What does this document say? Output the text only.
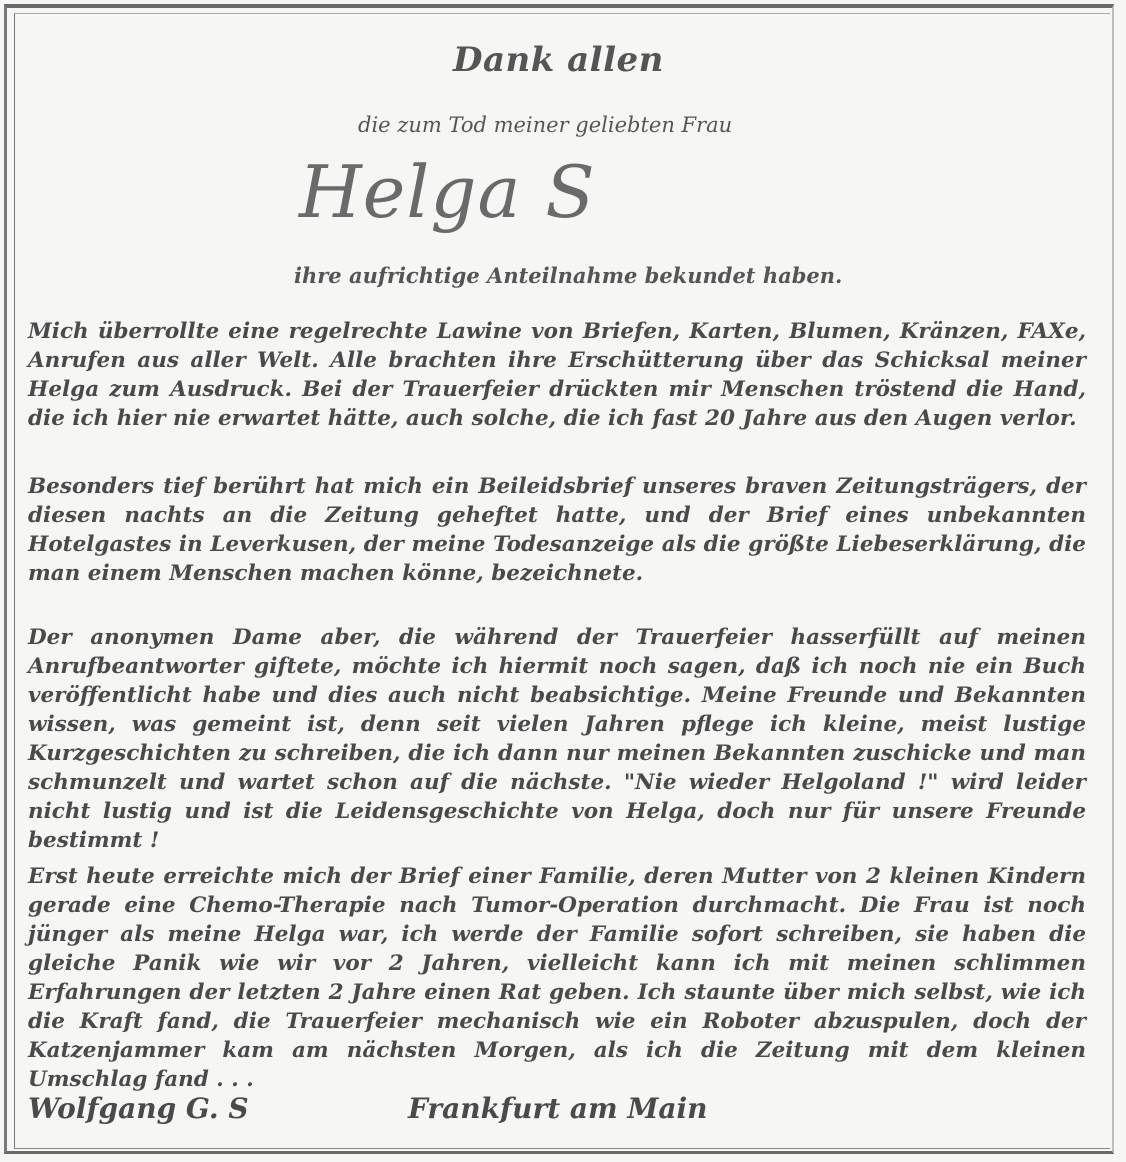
Dank allen
die zum Tod meiner geliebten Frau
Helga S
ihre aufrichtige Anteilnahme bekundet haben.

Mich überrollte eine regelrechte Lawine von Briefen, Karten, Blumen, Kränzen, FAXe, Anrufen aus aller Welt. Alle brachten ihre Erschütterung über das Schicksal meiner Helga zum Ausdruck. Bei der Trauerfeier drückten mir Menschen tröstend die Hand, die ich hier nie erwartet hätte, auch solche, die ich fast 20 Jahre aus den Augen verlor.

Besonders tief berührt hat mich ein Beileidsbrief unseres braven Zeitungsträgers, der diesen nachts an die Zeitung geheftet hatte, und der Brief eines unbekannten Hotelgastes in Leverkusen, der meine Todesanzeige als die größte Liebeserklärung, die man einem Menschen machen könne, bezeichnete.

Der anonymen Dame aber, die während der Trauerfeier hasserfüllt auf meinen Anrufbeantworter giftete, möchte ich hiermit noch sagen, daß ich noch nie ein Buch veröffentlicht habe und dies auch nicht beabsichtige. Meine Freunde und Bekannten wissen, was gemeint ist, denn seit vielen Jahren pflege ich kleine, meist lustige Kurzgeschichten zu schreiben, die ich dann nur meinen Bekannten zuschicke und man schmunzelt und wartet schon auf die nächste. "Nie wieder Helgoland !" wird leider nicht lustig und ist die Leidensgeschichte von Helga, doch nur für unsere Freunde bestimmt !

Erst heute erreichte mich der Brief einer Familie, deren Mutter von 2 kleinen Kindern gerade eine Chemo-Therapie nach Tumor-Operation durchmacht. Die Frau ist noch jünger als meine Helga war, ich werde der Familie sofort schreiben, sie haben die gleiche Panik wie wir vor 2 Jahren, vielleicht kann ich mit meinen schlimmen Erfahrungen der letzten 2 Jahre einen Rat geben. Ich staunte über mich selbst, wie ich die Kraft fand, die Trauerfeier mechanisch wie ein Roboter abzuspulen, doch der Katzenjammer kam am nächsten Morgen, als ich die Zeitung mit dem kleinen Umschlag fand . . .

Wolfgang G. S	Frankfurt am Main
